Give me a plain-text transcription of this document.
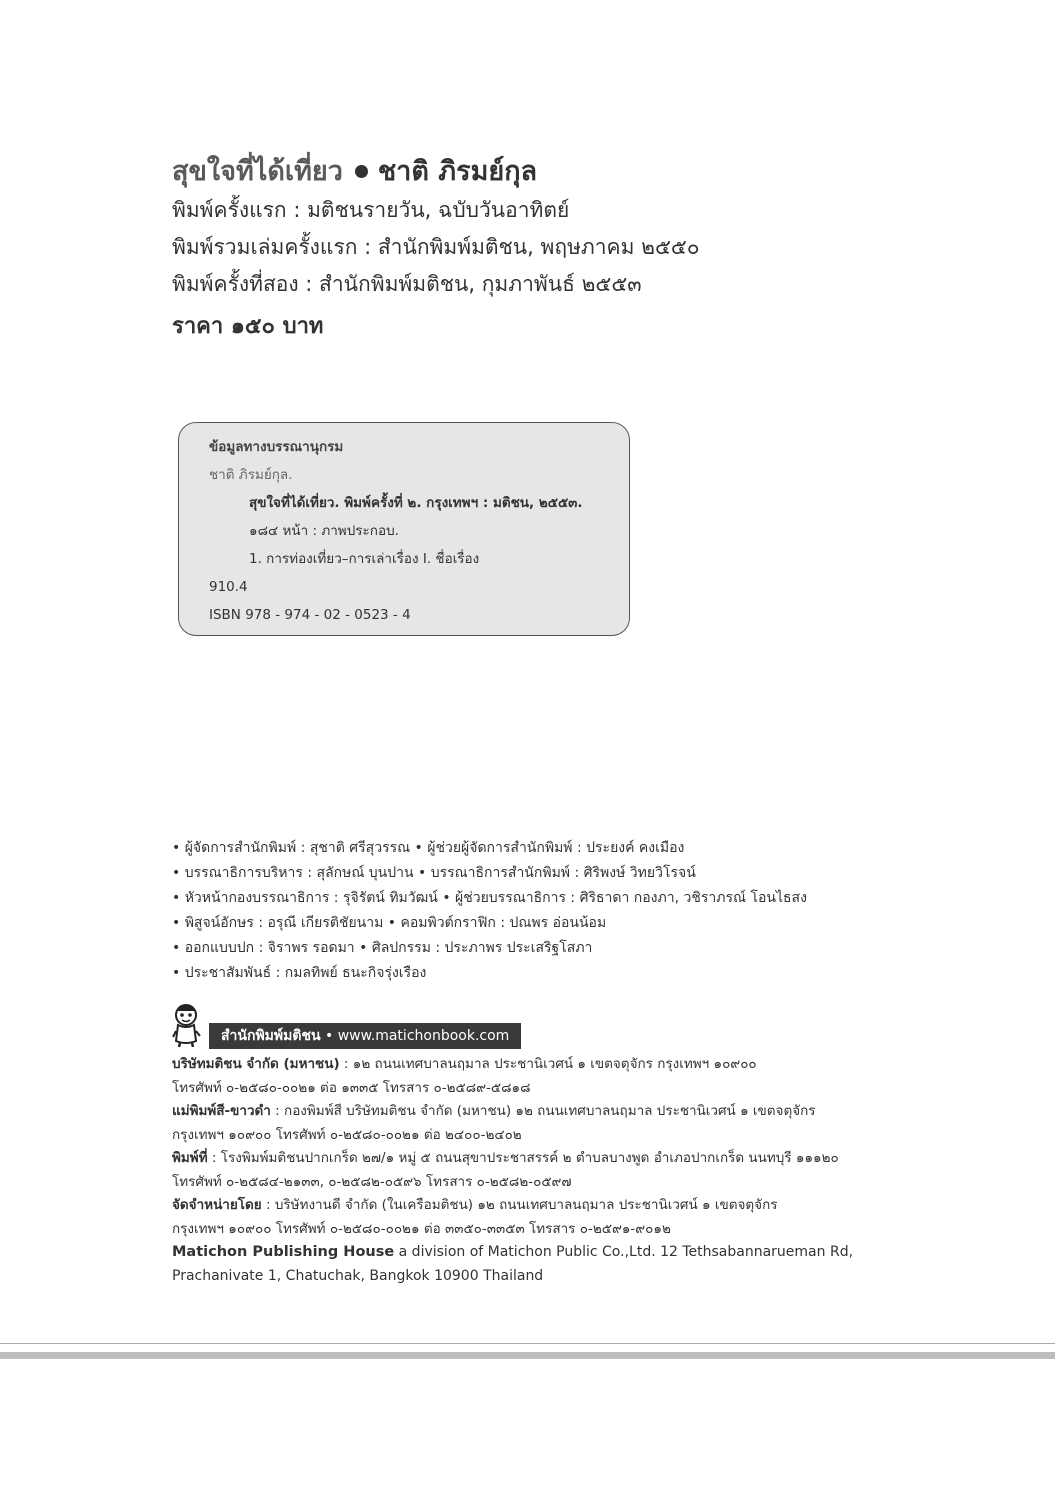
สุขใจที่ได้เที่ยว ชาติ ภิรมย์กุล
พิมพ์ครั้งแรก : มติชนรายวัน, ฉบับวันอาทิตย์
พิมพ์รวมเล่มครั้งแรก : สำนักพิมพ์มติชน, พฤษภาคม ๒๕๕๐
พิมพ์ครั้งที่สอง : สำนักพิมพ์มติชน, กุมภาพันธ์ ๒๕๕๓
ราคา ๑๕๐ บาท
ข้อมูลทางบรรณานุกรม
ชาติ ภิรมย์กุล.
สุขใจที่ได้เที่ยว. พิมพ์ครั้งที่ ๒. กรุงเทพฯ : มติชน, ๒๕๕๓.
๑๘๔ หน้า : ภาพประกอบ.
1. การท่องเที่ยว–การเล่าเรื่อง I. ชื่อเรื่อง
910.4
ISBN 978 - 974 - 02 - 0523 - 4
• ผู้จัดการสำนักพิมพ์ : สุชาติ ศรีสุวรรณ • ผู้ช่วยผู้จัดการสำนักพิมพ์ : ประยงค์ คงเมือง
• บรรณาธิการบริหาร : สุลักษณ์ บุนปาน • บรรณาธิการสำนักพิมพ์ : ศิริพงษ์ วิทยวิโรจน์
• หัวหน้ากองบรรณาธิการ : รุจิรัตน์ ทิมวัฒน์ • ผู้ช่วยบรรณาธิการ : ศิริธาดา กองภา, วชิราภรณ์ โอนไธสง
• พิสูจน์อักษร : อรุณี เกียรติชัยนาม • คอมพิวต์กราฟิก : ปณพร อ่อนน้อม
• ออกแบบปก : จิราพร รอดมา • ศิลปกรรม : ประภาพร ประเสริฐโสภา
• ประชาสัมพันธ์ : กมลทิพย์ ธนะกิจรุ่งเรือง
สำนักพิมพ์มติชน • www.matichonbook.com
บริษัทมติชน จำกัด (มหาชน) : ๑๒ ถนนเทศบาลนฤมาล ประชานิเวศน์ ๑ เขตจตุจักร กรุงเทพฯ ๑๐๙๐๐
โทรศัพท์ ๐-๒๕๘๐-๐๐๒๑ ต่อ ๑๓๓๕ โทรสาร ๐-๒๕๘๙-๕๘๑๘
แม่พิมพ์สี-ขาวดำ : กองพิมพ์สี บริษัทมติชน จำกัด (มหาชน) ๑๒ ถนนเทศบาลนฤมาล ประชานิเวศน์ ๑ เขตจตุจักร
กรุงเทพฯ ๑๐๙๐๐ โทรศัพท์ ๐-๒๕๘๐-๐๐๒๑ ต่อ ๒๔๐๐-๒๔๐๒
พิมพ์ที่ : โรงพิมพ์มติชนปากเกร็ด ๒๗/๑ หมู่ ๕ ถนนสุขาประชาสรรค์ ๒ ตำบลบางพูด อำเภอปากเกร็ด นนทบุรี ๑๑๑๒๐
โทรศัพท์ ๐-๒๕๘๔-๒๑๓๓, ๐-๒๕๘๒-๐๕๙๖ โทรสาร ๐-๒๕๘๒-๐๕๙๗
จัดจำหน่ายโดย : บริษัทงานดี จำกัด (ในเครือมติชน) ๑๒ ถนนเทศบาลนฤมาล ประชานิเวศน์ ๑ เขตจตุจักร
กรุงเทพฯ ๑๐๙๐๐ โทรศัพท์ ๐-๒๕๘๐-๐๐๒๑ ต่อ ๓๓๕๐-๓๓๕๓ โทรสาร ๐-๒๕๙๑-๙๐๑๒
Matichon Publishing House a division of Matichon Public Co.,Ltd. 12 Tethsabannarueman Rd,
Prachanivate 1, Chatuchak, Bangkok 10900 Thailand
